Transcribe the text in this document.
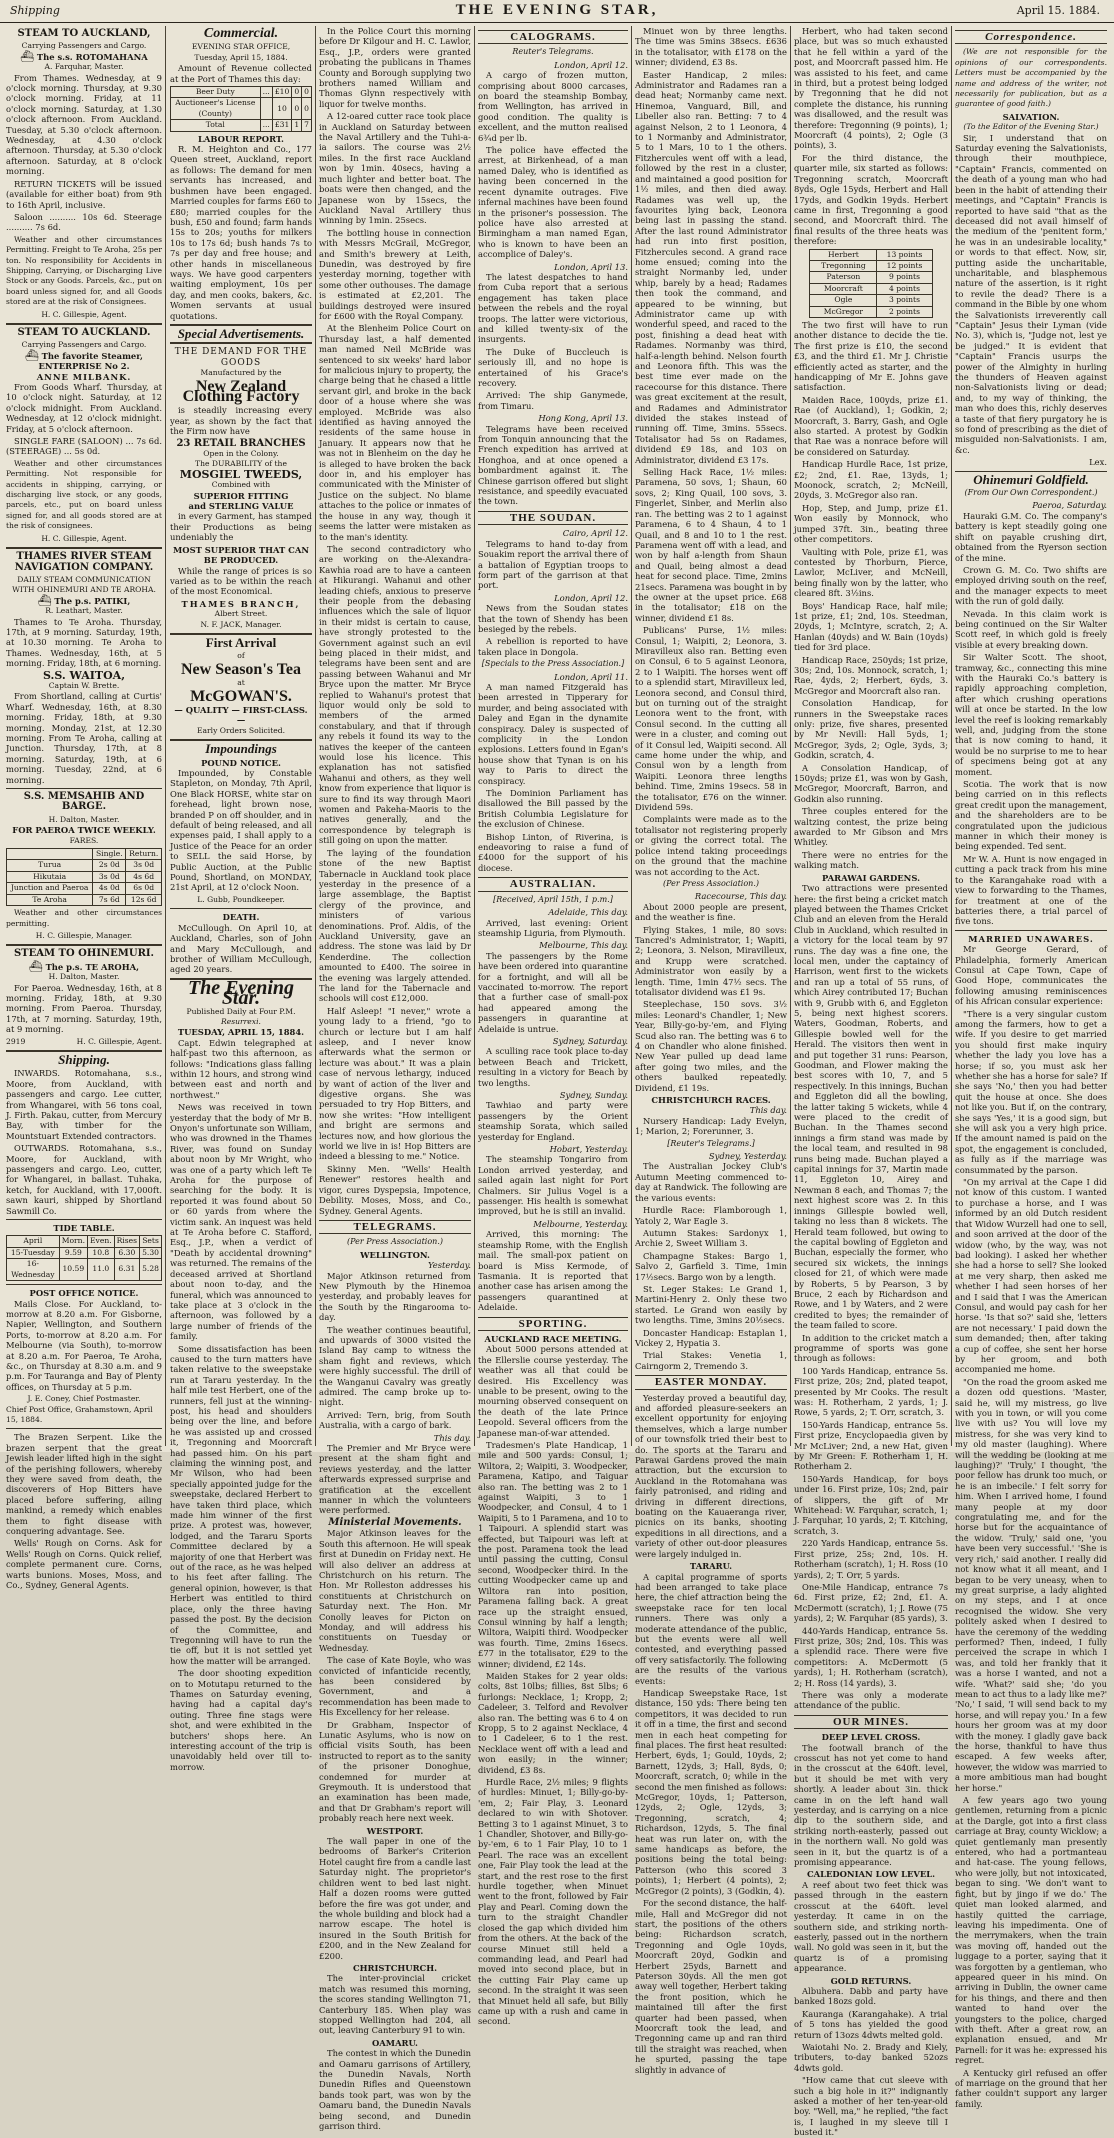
Shipping	THE EVENING STAR,	April 15. 1884.
STEAM TO AUCKLAND,
Carrying Passengers and Cargo.
⛴ The s.s. ROTOMAHANA
A. Farquhar, Master.

From Thames. Wednesday, at 9 o'clock morning. Thursday, at 9.30 o'clock morning. Friday, at 11 o'clock morning. Saturday, at 1.30 o'clock afternoon. From Auckland. Tuesday, at 5.30 o'clock afternoon. Wednesday, at 4.30 o'clock afternoon. Thursday, at 5.30 o'clock afternoon. Saturday, at 8 o'clock morning.

RETURN TICKETS will be issued (available for either boat) from 9th to 16th April, inclusive.

Saloon .......... 10s 6d. Steerage .......... 7s 6d.

Weather and other circumstances Permitting. Freight to Te Aroha, 25s per ton. No responsibility for Accidents in Shipping, Carrying, or Discharging Live Stock or any Goods. Parcels, &c., put on board unless signed for, and all Goods stored are at the risk of Consignees.

H. C. Gillespie, Agent.
STEAM TO AUCKLAND.
Carrying Passengers and Cargo.
⛴ The favorite Steamer, ENTERPRISE No 2.
ANNE MILBANK.

From Goods Wharf. Thursday, at 10 o'clock night. Saturday, at 12 o'clock midnight. From Auckland. Wednesday, at 12 o'clock midnight. Friday, at 5 o'clock afternoon.

SINGLE FARE (SALOON) ... 7s 6d. (STEERAGE) ... 5s 0d.

Weather and other circumstances Permitting. Not responsible for accidents in shipping, carrying, or discharging live stock, or any goods, parcels, etc., put on board unless signed for, and all goods stored are at the risk of consignees.

H. C. Gillespie, Agent.
THAMES RIVER STEAM NAVIGATION COMPANY.
DAILY STEAM COMMUNICATION WITH OHINEMURI AND TE AROHA.
⛴ The p.s. PATIKI,
R. Leathart, Master.

Thames to Te Aroha. Thursday, 17th, at 9 morning. Saturday, 19th, at 10.30 morning. Te Aroha to Thames. Wednesday, 16th, at 5 morning. Friday, 18th, at 6 morning.

S.S. WAITOA,
Captain W. Brette.

From Shortland, calling at Curtis' Wharf. Wednesday, 16th, at 8.30 morning. Friday, 18th, at 9.30 morning. Monday, 21st, at 12.30 morning. From Te Aroha, calling at Junction. Thursday, 17th, at 8 morning. Saturday, 19th, at 6 morning. Tuesday, 22nd, at 6 morning.

S.S. MEMSAHIB AND BARGE.
H. Dalton, Master.
FOR PAEROA TWICE WEEKLY.
FARES.
	Single.	Return.
Turua	2s 0d	3s 0d
Hikutaia	3s 0d	4s 6d
Junction and Paeroa	4s 0d	6s 0d
Te Aroha	7s 6d	12s 6d

Weather and other circumstances permitting.

H. C. Gillespie, Manager.
STEAM TO OHINEMURI.
⛴ The p.s. TE AROHA,
H. Dalton, Master.

For Paeroa. Wednesday, 16th, at 8 morning. Friday, 18th, at 9.30 morning. From Paeroa. Thursday, 17th, at 7 morning. Saturday, 19th, at 9 morning.

2919	H. C. Gillespie, Agent.
Shipping.

INWARDS. Rotomahana, s.s., Moore, from Auckland, with passengers and cargo. Lee cutter, from Whangarei, with 56 tons coal, J. Firth. Pakau, cutter, from Mercury Bay, with timber for the Mountstuart Extended contractors.

OUTWARDS. Rotomahana, s.s., Moore, for Auckland, with passengers and cargo. Leo, cutter, for Whangarei, in ballast. Tuhaka, ketch, for Auckland, with 17,000ft. sawn kauri, shipped by Shortland Sawmill Co.

TIDE TABLE.
April	Morn.	Even.	Rises	Sets
15-Tuesday	9.59	10.8	6.30	5.30
16-Wednesday	10.59	11.0	6.31	5.28
POST OFFICE NOTICE.

Mails Close. For Auckland, to-morrow at 8.20 a.m. For Gisborne, Napier, Wellington, and Southern Ports, to-morrow at 8.20 a.m. For Melbourne (via South), to-morrow at 8.20 a.m. For Paeroa, Te Aroha, &c., on Thursday at 8.30 a.m. and 9 p.m. For Tauranga and Bay of Plenty offices, on Thursday at 5 p.m.

J. E. Coney, Chief Postmaster.
Chief Post Office, Grahamstown, April 15, 1884.

The Brazen Serpent. Like the brazen serpent that the great Jewish leader lifted high in the sight of the perishing followers, whereby they were saved from death, the discoverers of Hop Bitters have placed before suffering, ailing mankind, a remedy which enables them to fight disease with conquering advantage. See.

Wells' Rough on Corns. Ask for Wells' Rough on Corns. Quick relief, complete permanent cure. Corns, warts bunions. Moses, Moss, and Co., Sydney, General Agents.

Commercial.
EVENING STAR OFFICE,
Tuesday, April 15, 1884.

Amount of Revenue collected at the Port of Thames this day:

Beer Duty	...	£10	0	0
Auctioneer's License (County)		10	0	0
Total	...	£31	1	7
LABOUR REPORT.

R. M. Heighton and Co., 177 Queen street, Auckland, report as follows: The demand for men servants has increased, and bushmen have been engaged. Married couples for farms £60 to £80; married couples for the bush, £50 and found; farm hands 15s to 20s; youths for milkers 10s to 17s 6d; bush hands 7s to 7s per day and free house; and other hands in miscellaneous ways. We have good carpenters waiting employment, 10s per day, and men cooks, bakers, &c. Women servants at usual quotations.

Special Advertisements.
THE DEMAND FOR THE GOODS
Manufactured by the
New Zealand Clothing Factory

is steadily increasing every year, as shown by the fact that the Firm now have

23 RETAIL BRANCHES
Open in the Colony.
The DURABILITY of the
MOSGIEL TWEEDS,
Combined with
SUPERIOR FITTING
and STERLING VALUE

in every Garment, has stamped their Productions as being undeniably the

MOST SUPERIOR THAT CAN BE PRODUCED.

While the range of prices is so varied as to be within the reach of the most Economical.

THAMES BRANCH,
Albert Street.
N. F. JACK, Manager.
First Arrival
of
New Season's Tea
at
McGOWAN'S.
— QUALITY — FIRST-CLASS. —
Early Orders Solicited.
Impoundings
POUND NOTICE.

Impounded, by Constable Stapleton, on Monday, 7th April, One Black HORSE, white star on forehead, light brown nose, branded P on off shoulder, and in default of being released, and all expenses paid, I shall apply to a Justice of the Peace for an order to SELL the said Horse, by Public Auction, at the Public Pound, Shortland, on MONDAY, 21st April, at 12 o'clock Noon.

L. Gubb, Poundkeeper.
DEATH.

McCullough. On April 10, at Auckland, Charles, son of John and Mary McCullough, and brother of William McCullough, aged 20 years.

The Evening Star.
Published Daily at Four P.M.
Resurrexi.
TUESDAY, APRIL 15, 1884.

Capt. Edwin telegraphed at half-past two this afternoon, as follows: "Indications glass falling within 12 hours, and strong wind between east and north and northwest."

News was received in town yesterday that the body of Mr B. Onyon's unfortunate son William, who was drowned in the Thames River, was found on Sunday about noon by Mr Wright, who was one of a party which left Te Aroha for the purpose of searching for the body. It is reported it was found about 50 or 60 yards from where the victim sank. An inquest was held at Te Aroha before C. Stafford, Esq., J.P., when a verdict of "Death by accidental drowning" was returned. The remains of the deceased arrived at Shortland about noon to-day, and the funeral, which was announced to take place at 3 o'clock in the afternoon, was followed by a large number of friends of the family.

Some dissatisfaction has been caused to the turn matters have taken relative to the sweepstake run at Tararu yesterday. In the half mile test Herbert, one of the runners, fell just at the winning-post, his head and shoulders being over the line, and before he was assisted up and crossed it, Tregonning and Moorcraft had passed him. On his part claiming the winning post, and Mr Wilson, who had been specially appointed judge for the sweepstake, declared Herbert to have taken third place, which made him winner of the first prize. A protest was, however, lodged, and the Tararu Sports Committee declared by a majority of one that Herbert was out of the race, as he was helped to his feet after falling. The general opinion, however, is that Herbert was entitled to third place, only the three having passed the post. By the decision of the Committee, and Tregonning will have to run the tie off, but it is not settled yet how the matter will be arranged.

The door shooting expedition on to Motutapu returned to the Thames on Saturday evening, having had a capital day's outing. Three fine stags were shot, and were exhibited in the butchers' shops here. An interesting account of the trip is unavoidably held over till to-morrow.

In the Police Court this morning before Dr Kilgour and H. C. Lawlor, Esq., J.P., orders were granted probating the publicans in Thames County and Borough supplying two brothers named William and Thomas Glynn respectively with liquor for twelve months.

A 12-oared cutter race took place in Auckland on Saturday between the Naval Artillery and the Tuhi-a-ia sailors. The course was 2½ miles. In the first race Auckland won by 1min. 40secs, having a much lighter and better boat. The boats were then changed, and the Japanese won by 15secs, the Auckland Naval Artillery thus winning by 1min. 25secs.

The bottling house in connection with Messrs McGrail, McGregor, and Smith's brewery at Leith, Dunedin, was destroyed by fire yesterday morning, together with some other outhouses. The damage is estimated at £2,201. The buildings destroyed were insured for £600 with the Royal Company.

At the Blenheim Police Court on Thursday last, a half demented man named Neil McBride was sentenced to six weeks' hard labor for malicious injury to property, the charge being that he chased a little servant girl, and broke in the back door of a house where she was employed. McBride was also identified as having annoyed the residents of the same house in January. It appears now that he was not in Blenheim on the day he is alleged to have broken the back door in, and his employer has communicated with the Minister of Justice on the subject. No blame attaches to the police or inmates of the house in any way, though it seems the latter were mistaken as to the man's identity.

The second contradictory who are working on the-Alexandra-Kawhia road are to have a canteen at Hikurangi. Wahanui and other leading chiefs, anxious to preserve their people from the debasing influences which the sale of liquor in their midst is certain to cause, have strongly protested to the Government against such an evil being placed in their midst, and telegrams have been sent and are passing between Wahanui and Mr Bryce upon the matter. Mr Bryce replied to Wahanui's protest that liquor would only be sold to members of the armed constabulary, and that if through any rebels it found its way to the natives the keeper of the canteen would lose his licence. This explanation has not satisfied Wahanui and others, as they well know from experience that liquor is sure to find its way through Maori women and Pakeha-Maoris to the natives generally, and the correspondence by telegraph is still going on upon the matter.

The laying of the foundation stone of the new Baptist Tabernacle in Auckland took place yesterday in the presence of a large assemblage, the Baptist clergy of the province, and ministers of various denominations. Prof. Aldis, of the Auckland University, gave an address. The stone was laid by Dr Kenderdine. The collection amounted to £400. The soiree in the evening was largely attended. The land for the Tabernacle and schools will cost £12,000.

Half Asleep! "I never," wrote a young lady to a friend, "go to church or lecture but I am half asleep, and I never know afterwards what the sermon or lecture was about." It was a plain case of nervous lethargy, induced by want of action of the liver and digestive organs. She was persuaded to try Hop Bitters, and now she writes: "How intelligent and bright are sermons and lectures now, and how glorious the world we live in is! Hop Bitters are indeed a blessing to me." Notice.

Skinny Men. "Wells' Health Renewer" restores health and vigor, cures Dyspepsia, Impotence, Debility. Moses, Moss, and Co., Sydney. General Agents.

TELEGRAMS.
(Per Press Association.)
WELLINGTON.
Yesterday.

Major Atkinson returned from New Plymouth by the Hinemoa yesterday, and probably leaves for the South by the Ringarooma to-day.

The weather continues beautiful, and upwards of 3000 visited the Island Bay camp to witness the sham fight and reviews, which were highly successful. The drill of the Wanganui Cavalry was greatly admired. The camp broke up to-night.

Arrived: Tern, brig, from South Australia, with a cargo of bark.

This day.

The Premier and Mr Bryce were present at the sham fight and reviews yesterday, and the latter afterwards expressed surprise and gratification at the excellent manner in which the volunteers were performed.

Ministerial Movements.

Major Atkinson leaves for the South this afternoon. He will speak first at Dunedin on Friday next. He will also deliver an address at Christchurch on his return. The Hon. Mr Rolleston addresses his constituents at Christchurch on Saturday next. The Hon. Mr Conolly leaves for Picton on Monday, and will address his constituents on Tuesday or Wednesday.

The case of Kate Boyle, who was convicted of infanticide recently, has been considered by Government, and a recommendation has been made to His Excellency for her release.

Dr Grabham, Inspector of Lunatic Asylums, who is now on official visits South, has been instructed to report as to the sanity of the prisoner Donoghue, condemned for murder at Greymouth. It is understood that an examination has been made, and that Dr Grabham's report will probably reach here next week.

WESTPORT.

The wall paper in one of the bedrooms of Barker's Criterion Hotel caught fire from a candle last Saturday night. The proprietor's children went to bed last night. Half a dozen rooms were gutted before the fire was got under, and the whole building and block had a narrow escape. The hotel is insured in the South British for £200, and in the New Zealand for £200.

CHRISTCHURCH.

The inter-provincial cricket match was resumed this morning, the scores standing Wellington 71, Canterbury 185. When play was stopped Wellington had 204, all out, leaving Canterbury 91 to win.

OAMARU.

The contest in which the Dunedin and Oamaru garrisons of Artillery, the Dunedin Navals, North Dunedin Rifles and Queenstown bands took part, was won by the Oamaru band, the Dunedin Navals being second, and Dunedin garrison third.

CALOGRAMS.
Reuter's Telegrams.
London, April 12.

A cargo of frozen mutton, comprising about 8000 carcases, on board the steamship Bombay, from Wellington, has arrived in good condition. The quality is excellent, and the mutton realised 6¾d per lb.

The police have effected the arrest, at Birkenhead, of a man named Daley, who is identified as having been concerned in the recent dynamite outrages. Five infernal machines have been found in the prisoner's possession. The police have also arrested at Birmingham a man named Egan, who is known to have been an accomplice of Daley's.

London, April 13.

The latest despatches to hand from Cuba report that a serious engagement has taken place between the rebels and the royal troops. The latter were victorious, and killed twenty-six of the insurgents.

The Duke of Buccleuch is seriously ill, and no hope is entertained of his Grace's recovery.

Arrived: The ship Ganymede, from Timaru.

Hong Kong, April 13.

Telegrams have been received from Tonquin announcing that the French expedition has arrived at Honghoa, and at once opened a bombardment against it. The Chinese garrison offered but slight resistance, and speedily evacuated the town.

THE SOUDAN.
Cairo, April 12.

Telegrams to hand to-day from Souakim report the arrival there of a battalion of Egyptian troops to form part of the garrison at that port.

London, April 12.

News from the Soudan states that the town of Shendy has been besieged by the rebels.

A rebellion is reported to have taken place in Dongola.

[Specials to the Press Association.]
London, April 11.

A man named Fitzgerald has been arrested in Tipperary for murder, and being associated with Daley and Egan in the dynamite conspiracy. Daley is suspected of complicity in the London explosions. Letters found in Egan's house show that Tynan is on his way to Paris to direct the conspiracy.

The Dominion Parliament has disallowed the Bill passed by the British Columbia Legislature for the exclusion of Chinese.

Bishop Linton, of Riverina, is endeavoring to raise a fund of £4000 for the support of his diocese.

AUSTRALIAN.
[Received, April 15th, 1 p.m.]
Adelaide, This day.

Arrived, last evening: Orient steamship Liguria, from Plymouth.

Melbourne, This day.

The passengers by the Rome have been ordered into quarantine for a fortnight, and will all be vaccinated to-morrow. The report that a further case of small-pox had appeared among the passengers in quarantine at Adelaide is untrue.

Sydney, Saturday.

A sculling race took place to-day between Beach and Trickett, resulting in a victory for Beach by two lengths.

Sydney, Sunday.

Tawhiao and party were passengers by the Orient steamship Sorata, which sailed yesterday for England.

Hobart, Yesterday.

The steamship Tongariro from London arrived yesterday, and sailed again last night for Port Chalmers. Sir Julius Vogel is a passenger. His health is somewhat improved, but he is still an invalid.

Melbourne, Yesterday.

Arrived, this morning: The steamship Rome, with the English mail. The small-pox patient on board is Miss Kermode, of Tasmania. It is reported that another case has arisen among the passengers quarantined at Adelaide.

SPORTING.
AUCKLAND RACE MEETING.

About 5000 persons attended at the Ellerslie course yesterday. The weather was all that could be desired. His Excellency was unable to be present, owing to the mourning observed consequent on the death of the late Prince Leopold. Several officers from the Japanese man-of-war attended.

Tradesmen's Plate Handicap, 1 mile and 500 yards: Consul, 1; Wiltora, 2; Waipiti, 3. Woodpecker, Paramena, Katipo, and Taiguar also ran. The betting was 2 to 1 against Waipiti, 3 to 1 Woodpecker, and Consul, 4 to 1 Waipiti, 5 to 1 Paramena, and 10 to 1 Taipouri. A splendid start was effected, but Taipouri was left at the post. Paramena took the lead until passing the cutting, Consul second, Woodpecker third. In the cutting Woodpecker came up and Wiltora ran into position, Paramena falling back. A great race up the straight ensued, Consul winning by half a length; Wiltora, Waipiti third. Woodpecker was fourth. Time, 2mins 16secs. £77 in the totalisator, £29 to the winner; dividend, £2 14s.

Maiden Stakes for 2 year olds: colts, 8st 10lbs; fillies, 8st 5lbs; 6 furlongs: Necklace, 1; Kropp, 2; Cadeleer, 3. Telford and Revolver also ran. The betting was 6 to 4 on Kropp, 5 to 2 against Necklace, 4 to 1 Cadeleer, 6 to 1 the rest. Necklace went off with a lead and won easily; in the winner; dividend, £3 8s.

Hurdle Race, 2½ miles; 9 flights of hurdles: Minuet, 1; Billy-go-by-'em, 2; Fair Play, 3. Leonard declared to win with Shotover. Betting 3 to 1 against Minuet, 3 to 1 Chandler, Shotover, and Billy-go-by-'em, 6 to 1 Fair Play, 10 to 1 Pearl. The race was an excellent one, Fair Play took the lead at the start, and the rest rose to the first hurdle together, when Minuet went to the front, followed by Fair Play and Pearl. Coming down the turn to the straight Chandler closed the gap which divided him from the others. At the back of the course Minuet still held a commanding lead, and Pearl had moved into second place, but in the cutting Fair Play came up second. In the straight it was seen that Minuet held all safe, but Billy came up with a rush and came in second.

Minuet won by three lengths. The time was 5mins 38secs. £636 in the totalisator, with £178 on the winner; dividend, £3 8s.

Easter Handicap, 2 miles: Administrator and Radames ran a dead heat; Normanby came next. Hinemoa, Vanguard, Bill, and Libeller also ran. Betting: 7 to 4 against Nelson, 2 to 1 Leonora, 4 to 1 Normanby and Administrator, 5 to 1 Mars, 10 to 1 the others. Fitzhercules went off with a lead, followed by the rest in a cluster, and maintained a good position for 1½ miles, and then died away. Radames was well up, the favourites lying back, Leonora being last in passing the stand. After the last round Administrator had run into first position, Fitzhercules second. A grand race home ensued; coming into the straight Normanby led, under whip, barely by a head; Radames then took the command, and appeared to be winning, but Administrator came up with wonderful speed, and raced to the post, finishing a dead heat with Radames. Normanby was third, half-a-length behind. Nelson fourth and Leonora fifth. This was the best time ever made on the racecourse for this distance. There was great excitement at the result, and Radames and Administrator divided the stakes instead of running off. Time, 3mins. 55secs. Totalisator had 5s on Radames, dividend £9 18s, and 103 on Administrator, dividend £3 17s.

Selling Hack Race, 1½ miles: Paramena, 50 sovs, 1; Shaun, 60 sovs, 2; King Quail, 100 sovs, 3. Fingerlet, Sinber, and Merlin also ran. The betting was 2 to 1 against Paramena, 6 to 4 Shaun, 4 to 1 Quail, and 8 and 10 to 1 the rest. Paramena went off with a lead, and won by half a-length from Shaun and Quail, being almost a dead heat for second place. Time, 2mins 21secs. Paramena was bought in by the owner at the upset price. £68 in the totalisator; £18 on the winner, dividend £1 8s.

Publicans' Purse, 1½ miles: Consul, 1; Waipiti, 2; Leonora, 3. Miravilleux also ran. Betting even on Consul, 6 to 5 against Leonora, 2 to 1 Waipiti. The horses went off to a splendid start, Miravilleux led, Leonora second, and Consul third, but on turning out of the straight Leonora went to the front, with Consul second. In the cutting all were in a cluster, and coming out of it Consul led, Waipiti second. All came home under the whip, and Consul won by a length from Waipiti. Leonora three lengths behind. Time, 2mins 19secs. 58 in the totalisator, £76 on the winner. Dividend 59s.

Complaints were made as to the totalisator not registering properly or giving the correct total. The police intend taking proceedings on the ground that the machine was not according to the Act.

(Per Press Association.)
Racecourse, This day.

About 2000 people are present, and the weather is fine.

Flying Stakes, 1 mile, 80 sovs: Tancred's Administrator, 1; Wapiti, 2; Leonora, 3. Nelson, Miravilleux, and Krupp were scratched. Administrator won easily by a length. Time, 1min 47½ secs. The totalisator dividend was £1 9s.

Steeplechase, 150 sovs. 3½ miles: Leonard's Chandler, 1; New Year, Billy-go-by-'em, and Flying Scud also ran. The betting was 6 to 4 on Chandler who alone finished. New Year pulled up dead lame after going two miles, and the others baulked repeatedly. Dividend, £1 19s.

CHRISTCHURCH RACES.
This day.

Nursery Handicap: Lady Evelyn, 1; Marion, 2; Forerunner, 3.

[Reuter's Telegrams.]
Sydney, Yesterday.

The Australian Jockey Club's Autumn Meeting commenced to-day at Randwick. The following are the various events:

Hurdle Race: Flamborough 1, Yatoly 2, War Eagle 3.

Autumn Stakes: Sardonyx 1, Archie 2, Sweet William 3.

Champagne Stakes: Bargo 1, Salvo 2, Garfield 3. Time, 1min 17½secs. Bargo won by a length.

St. Leger Stakes: Le Grand 1, Martini-Henry 2. Only these two started. Le Grand won easily by two lengths. Time, 3mins 20½secs.

Doncaster Handicap: Estaplan 1, Vickey 2, Hypatia 3.

Trial Stakes: Venetia 1, Cairngorm 2, Tremendo 3.

EASTER MONDAY.

Yesterday proved a beautiful day, and afforded pleasure-seekers an excellent opportunity for enjoying themselves, which a large number of our townsfolk tried their best to do. The sports at the Tararu and Parawai Gardens proved the main attraction, but the excursion to Auckland in the Rotomahana was fairly patronised, and riding and driving in different directions, boating on the Kauaeranga river, picnics on its banks, shooting expeditions in all directions, and a variety of other out-door pleasures were largely indulged in.

TARARU.

A capital programme of sports had been arranged to take place here, the chief attraction being the sweepstake race for ten local runners. There was only a moderate attendance of the public, but the events were all well contested, and everything passed off very satisfactorily. The following are the results of the various events:

Handicap Sweepstake Race, 1st distance, 150 yds: There being ten competitors, it was decided to run it off in a time, the first and second men in each heat competing for final places. The first heat resulted: Herbert, 6yds, 1; Gould, 10yds, 2; Barnett, 12yds, 3; Hall, 8yds, 0; Moorcraft, scratch, 0; while in the second the men finished as follows: McGregor, 10yds, 1; Patterson, 12yds, 2; Ogle, 12yds, 3; Tregonning, scratch, 4; Richardson, 12yds, 5. The final heat was run later on, with the same handicaps as before, the positions being the total being: Patterson (who this scored 3 points), 1; Herbert (4 points), 2; McGregor (2 points), 3 (Godkin, 4).

For the second distance, the half-mile, Hall and McGregor did not start, the positions of the others being: Richardson scratch, Tregonning and Ogle 10yds, Moorcraft 20yd, Godkin and Herbert 25yds, Barnett and Paterson 30yds. All the men got away well together, Herbert taking the front position, which he maintained till after the first quarter had been passed, when Moorcraft took the lead, and Tregonning came up and ran third till the straight was reached, when he spurted, passing the tape slightly in advance of

Herbert, who had taken second place, but was so much exhausted that he fell within a yard of the post, and Moorcraft passed him. He was assisted to his feet, and came in third, but a protest being lodged by Tregonning that he did not complete the distance, his running was disallowed, and the result was therefore: Tregonning (9 points), 1; Moorcraft (4 points), 2; Ogle (3 points), 3.

For the third distance, the quarter mile, six started as follows: Tregonning scratch, Moorcraft 8yds, Ogle 15yds, Herbert and Hall 17yds, and Godkin 19yds. Herbert came in first, Tregonning a good second, and Moorcraft third. The final results of the three heats was therefore:

Herbert	13 points
Tregonning	12 points
Paterson	9 points
Moorcraft	4 points
Ogle	3 points
McGregor	2 points

The two first will have to run another distance to decide the tie. The first prize is £10, the second £3, and the third £1. Mr J. Christie efficiently acted as starter, and the handicapping of Mr E. Johns gave satisfaction.

Maiden Race, 100yds, prize £1. Rae (of Auckland), 1; Godkin, 2; Moorcraft, 3. Barry, Gash, and Ogle also started. A protest by Godkin that Rae was a nonrace before will be considered on Saturday.

Handicap Hurdle Race, 1st prize, £2; 2nd, £1. Rae, 13yds, 1; Moonock, scratch, 2; McNeill, 20yds, 3. McGregor also ran.

Hop, Step, and Jump, prize £1. Won easily by Monnock, who jumped 37ft. 3in., beating three other competitors.

Vaulting with Pole, prize £1, was contested by Thorburn, Pierce, Lawlor, McLiver, and McNeill, being finally won by the latter, who cleared 8ft. 3½ins.

Boys' Handicap Race, half mile; 1st prize, £1; 2nd, 10s. Steedman, 20yds, 1; McIntyre, scratch, 2; A. Hanlan (40yds) and W. Bain (10yds) tied for 3rd place.

Handicap Race, 250yds; 1st prize, 30s; 2nd, 10s. Monnock, scratch, 1; Rae, 4yds, 2; Herbert, 6yds, 3. McGregor and Moorcraft also ran.

Consolation Handicap, for runners in the Sweepstake races only: prize, five shares, presented by Mr Nevill: Hall 5yds, 1; McGregor, 3yds, 2; Ogle, 3yds, 3; Godkin, scratch, 4.

A Consolation Handicap, of 150yds; prize £1, was won by Gash, McGregor, Moorcraft, Barron, and Godkin also running.

Three couples entered for the waltzing contest, the prize being awarded to Mr Gibson and Mrs Whitley.

There were no entries for the walking match.

PARAWAI GARDENS.

Two attractions were presented here: the first being a cricket match played between the Thames Cricket Club and an eleven from the Herald Club in Auckland, which resulted in a victory for the local team by 97 runs. The day was a fine one, the local men, under the captaincy of Harrison, went first to the wickets and ran up a total of 55 runs, of which Airey contributed 17; Buchan with 9, Grubb with 6, and Eggleton 5, being next highest scorers. Waters, Goodman, Roberts, and Gillespie bowled well for the Herald. The visitors then went in and put together 31 runs: Pearson, Goodman, and Flower making the best scores with 10, 7, and 5 respectively. In this innings, Buchan and Eggleton did all the bowling, the latter taking 5 wickets, while 4 were placed to the credit of Buchan. In the Thames second innings a firm stand was made by the local team, and resulted in 98 runs being made. Buchan played a capital innings for 37, Martin made 11, Eggleton 10, Airey and Newman 8 each, and Thomas 7; the next highest score was 2. In this innings Gillespie bowled well, taking no less than 8 wickets. The Herald team followed, but owing to the capital bowling of Eggleton and Buchan, especially the former, who secured six wickets, the innings closed for 21, of which were made by Roberts, 5 by Pearson, 3 by Bruce, 2 each by Richardson and Rowe, and 1 by Waters, and 2 were credited to byes; the remainder of the team failed to score.

In addition to the cricket match a programme of sports was gone through as follows:

100 Yards Handicap, entrance 5s. First prize, 20s; 2nd, plated teapot, presented by Mr Cooks. The result was: H. Rotherham, 2 yards, 1; J. Rowe, 5 yards, 2; T. Orr, scratch, 3.

150-Yards Handicap, entrance 5s. First prize, Encyclopaedia given by Mr McLiver; 2nd, a new Hat, given by Mr Green: F. Rotherham 1, H. Rotherham 2.

150-Yards Handicap, for boys under 16. First prize, 10s; 2nd, pair of slippers, the gift of Mr Whitehead: W. Farquhar, scratch, 1; J. Farquhar, 10 yards, 2; T. Kitching, scratch, 3.

220 Yards Handicap, entrance 5s. First prize, 25s; 2nd, 10s. H. Rotherham (scratch), 1; H. Ross (10 yards), 2; T. Orr, 5 yards.

One-Mile Handicap, entrance 7s 6d. First prize, £2; 2nd, £1. A. McDermott (scratch), 1; J. Rowe (75 yards), 2; W. Farquhar (85 yards), 3.

440-Yards Handicap, entrance 5s. First prize, 30s; 2nd, 10s. This was a splendid race. There were five competitors: A. McDermott (5 yards), 1; H. Rotherham (scratch), 2; H. Ross (14 yards), 3.

There was only a moderate attendance of the public.

OUR MINES.
DEEP LEVEL CROSS.

The footwall branch of the crosscut has not yet come to hand in the crosscut at the 640ft. level, but it should be met with very shortly. A leader about 3in. thick came in on the left hand wall yesterday, and is carrying on a nice dip to the southern side, and striking north-easterly, passed out in the northern wall. No gold was seen in it, but the quartz is of a promising appearance.

CALEDONIAN LOW LEVEL.

A reef about two feet thick was passed through in the eastern crosscut at the 640ft. level yesterday. It came in on the southern side, and striking north-easterly, passed out in the northern wall. No gold was seen in it, but the quartz is of a promising appearance.

GOLD RETURNS.

Albuhera. Dabb and party have banked 18ozs gold.

Kauranga (Karangahake). A trial of 5 tons has yielded the good return of 13ozs 4dwts melted gold.

Waiotahi No. 2. Brady and Kiely, tributers, to-day banked 52ozs 4dwts gold.

"How came that cut sleeve with such a big hole in it?" indignantly asked a mother of her ten-year-old boy. "Well, ma," he replied, "the fact is, I laughed in my sleeve till I busted it."

Correspondence.

(We are not responsible for the opinions of our correspondents. Letters must be accompanied by the name and address of the writer, not necessarily for publication, but as a guarantee of good faith.)

SALVATION.
(To the Editor of the Evening Star.)

Sir, I understand that on Saturday evening the Salvationists, through their mouthpiece, "Captain" Francis, commented on the death of a young man who had been in the habit of attending their meetings, and "Captain" Francis is reported to have said "that as the deceased did not avail himself of the medium of the 'penitent form,' he was in an undesirable locality," or words to that effect. Now, sir, putting aside the uncharitable, uncharitable, and blasphemous nature of the assertion, is it right to revile the dead? There is a command in the Bible by one whom the Salvationists irreverently call "Captain" Jesus their Lyman (vide No. 3), which is, "Judge not, lest ye be judged." It is evident that "Captain" Francis usurps the power of the Almighty in hurling the thunders of Heaven against non-Salvationists living or dead; and, to my way of thinking, the man who does this, richly deserves a taste of that fiery purgatory he is so fond of prescribing as the diet of misguided non-Salvationists. I am, &c.

Lex.
Ohinemuri Goldfield.
(From Our Own Correspondent.)
Paeroa, Saturday.

Hauraki G.M. Co. The company's battery is kept steadily going one shift on payable crushing dirt, obtained from the Ryerson section of the mine.

Crown G. M. Co. Two shifts are employed driving south on the reef, and the manager expects to meet with the run of gold daily.

Nevada. In this claim work is being continued on the Sir Walter Scott reef, in which gold is freely visible at every breaking down.

Sir Walter Scott. The shoot, tramway, &c., connecting this mine with the Hauraki Co.'s battery is rapidly approaching completion, after which crushing operations will at once be started. In the low level the reef is looking remarkably well, and, judging from the stone that is now coming to hand, it would be no surprise to me to hear of specimens being got at any moment.

Scotia. The work that is now being carried on in this reflects great credit upon the management, and the shareholders are to be congratulated upon the judicious manner in which their money is being expended. Ted sent.

Mr W. A. Hunt is now engaged in cutting a pack track from his mine to the Karangahake road with a view to forwarding to the Thames, for treatment at one of the batteries there, a trial parcel of five tons.

MARRIED UNAWARES.

Mr George Gerard, of Philadelphia, formerly American Consul at Cape Town, Cape of Good Hope, communicates the following amusing reminiscences of his African consular experience:

"There is a very singular custom among the farmers, how to get a wife. If you desire to get married you should first make inquiry whether the lady you love has a horse; if so, you must ask her whether she has a horse for sale? If she says 'No,' then you had better quit the house at once. She does not like you. But if, on the contrary, she says 'Yes,' it is a good sign, but she will ask you a very high price. If the amount named is paid on the spot, the engagement is concluded, as fully as if the marriage was consummated by the parson.

"On my arrival at the Cape I did not know of this custom. I wanted to purchase a horse, and I was informed by an old Dutch resident that Widow Wurzell had one to sell, and soon arrived at the door of the widow (who, by the way, was not bad looking). I asked her whether she had a horse to sell? She looked at me very sharp, then asked me whether I had seen horses of her and I said that I was the American Consul, and would pay cash for her horse. 'Is that so?' said she, 'letters are not necessary.' I paid down the sum demanded; then, after taking a cup of coffee, she sent her horse by her groom, and both accompanied me home.

"On the road the groom asked me a dozen odd questions. 'Master, said he, will my mistress, go live with you in town, or will you come live with us? You will love my mistress, for she was very kind to my old master (laughing). Where will the wedding be (looking at me laughing)?' 'Truly,' I thought, 'the poor fellow has drunk too much, or he is an imbecile.' I felt sorry for him. When I arrived home, I found many people at my door congratulating me, and for the horse but for the acquaintance of the widow. 'Truly,' said one, 'you have been very successful.' 'She is very rich,' said another. I really did not know what it all meant, and I began to be very uneasy, when to my great surprise, a lady alighted on my steps, and I at once recognised the widow. She very politely asked when I desired to have the ceremony of the wedding performed? Then, indeed, I fully perceived the scrape in which I was, and told her frankly that it was a horse I wanted, and not a wife. 'What?' said she; 'do you mean to act thus to a lady like me?' 'No,' I said, 'I will send back to my horse, and will repay you.' In a few hours her groom was at my door with the money. I gladly gave back the horse, thankful to have thus escaped. A few weeks after, however, the widow was married to a more ambitious man had bought her horse."

A few years ago two young gentlemen, returning from a picnic at the Dargle, got into a first class carriage at Bray, county Wicklow; a quiet gentlemanly man presently entered, who had a portmanteau and hat-case. The young fellows, who were jolly, but not intoxicated, began to sing. 'We don't want to fight, but by jingo if we do.' The quiet man looked alarmed, and hastily quitted the carriage, leaving his impedimenta. One of the merrymakers, when the train was moving off, handed out the luggage to a porter, saying that it was forgotten by a gentleman, who appeared queer in his mind. On arriving in Dublin, the owner came for his things, and there and then wanted to hand over the youngsters to the police, charged with theft. After a great row, an explanation ensued, and Mr Parnell: for it was he: expressed his regret.

A Kentucky girl refused an offer of marriage on the ground that her father couldn't support any larger family.
